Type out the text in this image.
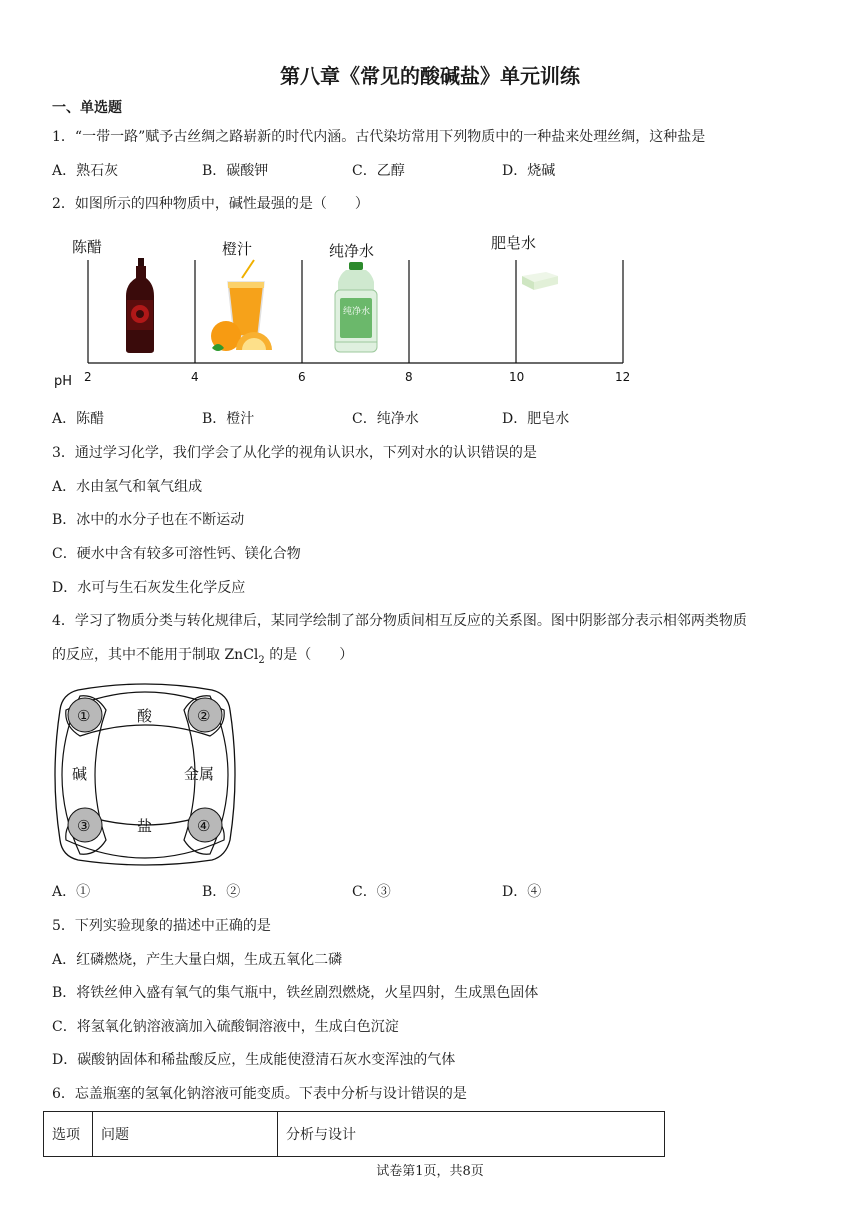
第八章《常见的酸碱盐》单元训练
一、单选题
1．“一带一路”赋予古丝绸之路崭新的时代内涵。古代染坊常用下列物质中的一种盐来处理丝绸，这种盐是
A．熟石灰	B．碳酸钾	C．乙醇	D．烧碱
2．如图所示的四种物质中，碱性最强的是（　　）
陈醋	橙汁	纯净水	肥皂水
pH 2	4	6	8	10	12
纯净水
A．陈醋	B．橙汁	C．纯净水	D．肥皂水
3．通过学习化学，我们学会了从化学的视角认识水，下列对水的认识错误的是
A．水由氢气和氧气组成
B．冰中的水分子也在不断运动
C．硬水中含有较多可溶性钙、镁化合物
D．水可与生石灰发生化学反应
4．学习了物质分类与转化规律后，某同学绘制了部分物质间相互反应的关系图。图中阴影部分表示相邻两类物质
的反应，其中不能用于制取 ZnCl$_2$ 的是（　　）
①	②
③	④
酸
碱	金属
盐
A．①	B．②	C．③	D．④
5．下列实验现象的描述中正确的是
A．红磷燃烧，产生大量白烟，生成五氧化二磷
B．将铁丝伸入盛有氧气的集气瓶中，铁丝剧烈燃烧，火星四射，生成黑色固体
C．将氢氧化钠溶液滴加入硫酸铜溶液中，生成白色沉淀
D．碳酸钠固体和稀盐酸反应，生成能使澄清石灰水变浑浊的气体
6．忘盖瓶塞的氢氧化钠溶液可能变质。下表中分析与设计错误的是
选项	问题	分析与设计
试卷第1页，共8页
